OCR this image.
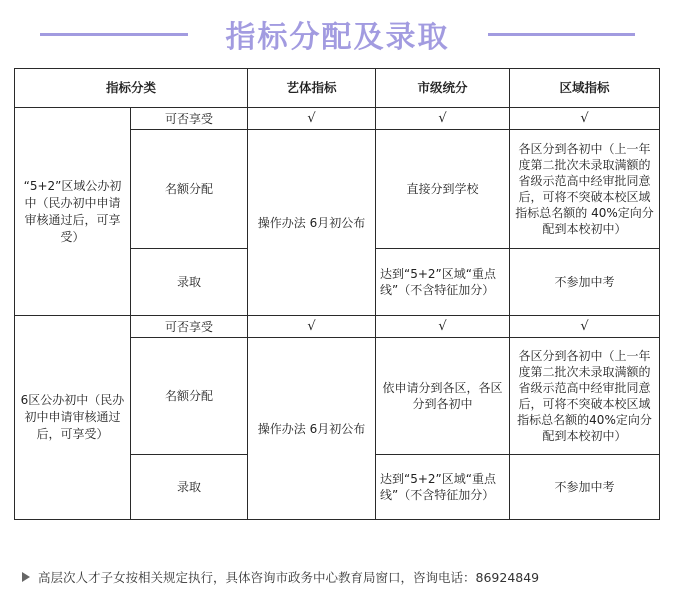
指标分配及录取
指标分类		艺体指标	市级统分	区域指标
“5+2”区域公办初中（民办初中申请审核通过后，可享受）	可否享受	√	√	√
	名额分配	操作办法 6月初公布	直接分到学校	各区分到各初中（上一年度第二批次未录取满额的省级示范高中经审批同意后，可将不突破本校区域指标总名额的 40%定向分配到本校初中）
	录取		达到“5+2”区域“重点线”（不含特征加分）	不参加中考
6区公办初中（民办初中申请审核通过后，可享受）	可否享受	√	√	√
	名额分配	操作办法 6月初公布	依申请分到各区，各区分到各初中	各区分到各初中（上一年度第二批次未录取满额的省级示范高中经审批同意后，可将不突破本校区域指标总名额的40%定向分配到本校初中）
	录取		达到“5+2”区域“重点线”（不含特征加分）	不参加中考
高层次人才子女按相关规定执行，具体咨询市政务中心教育局窗口，咨询电话：86924849
